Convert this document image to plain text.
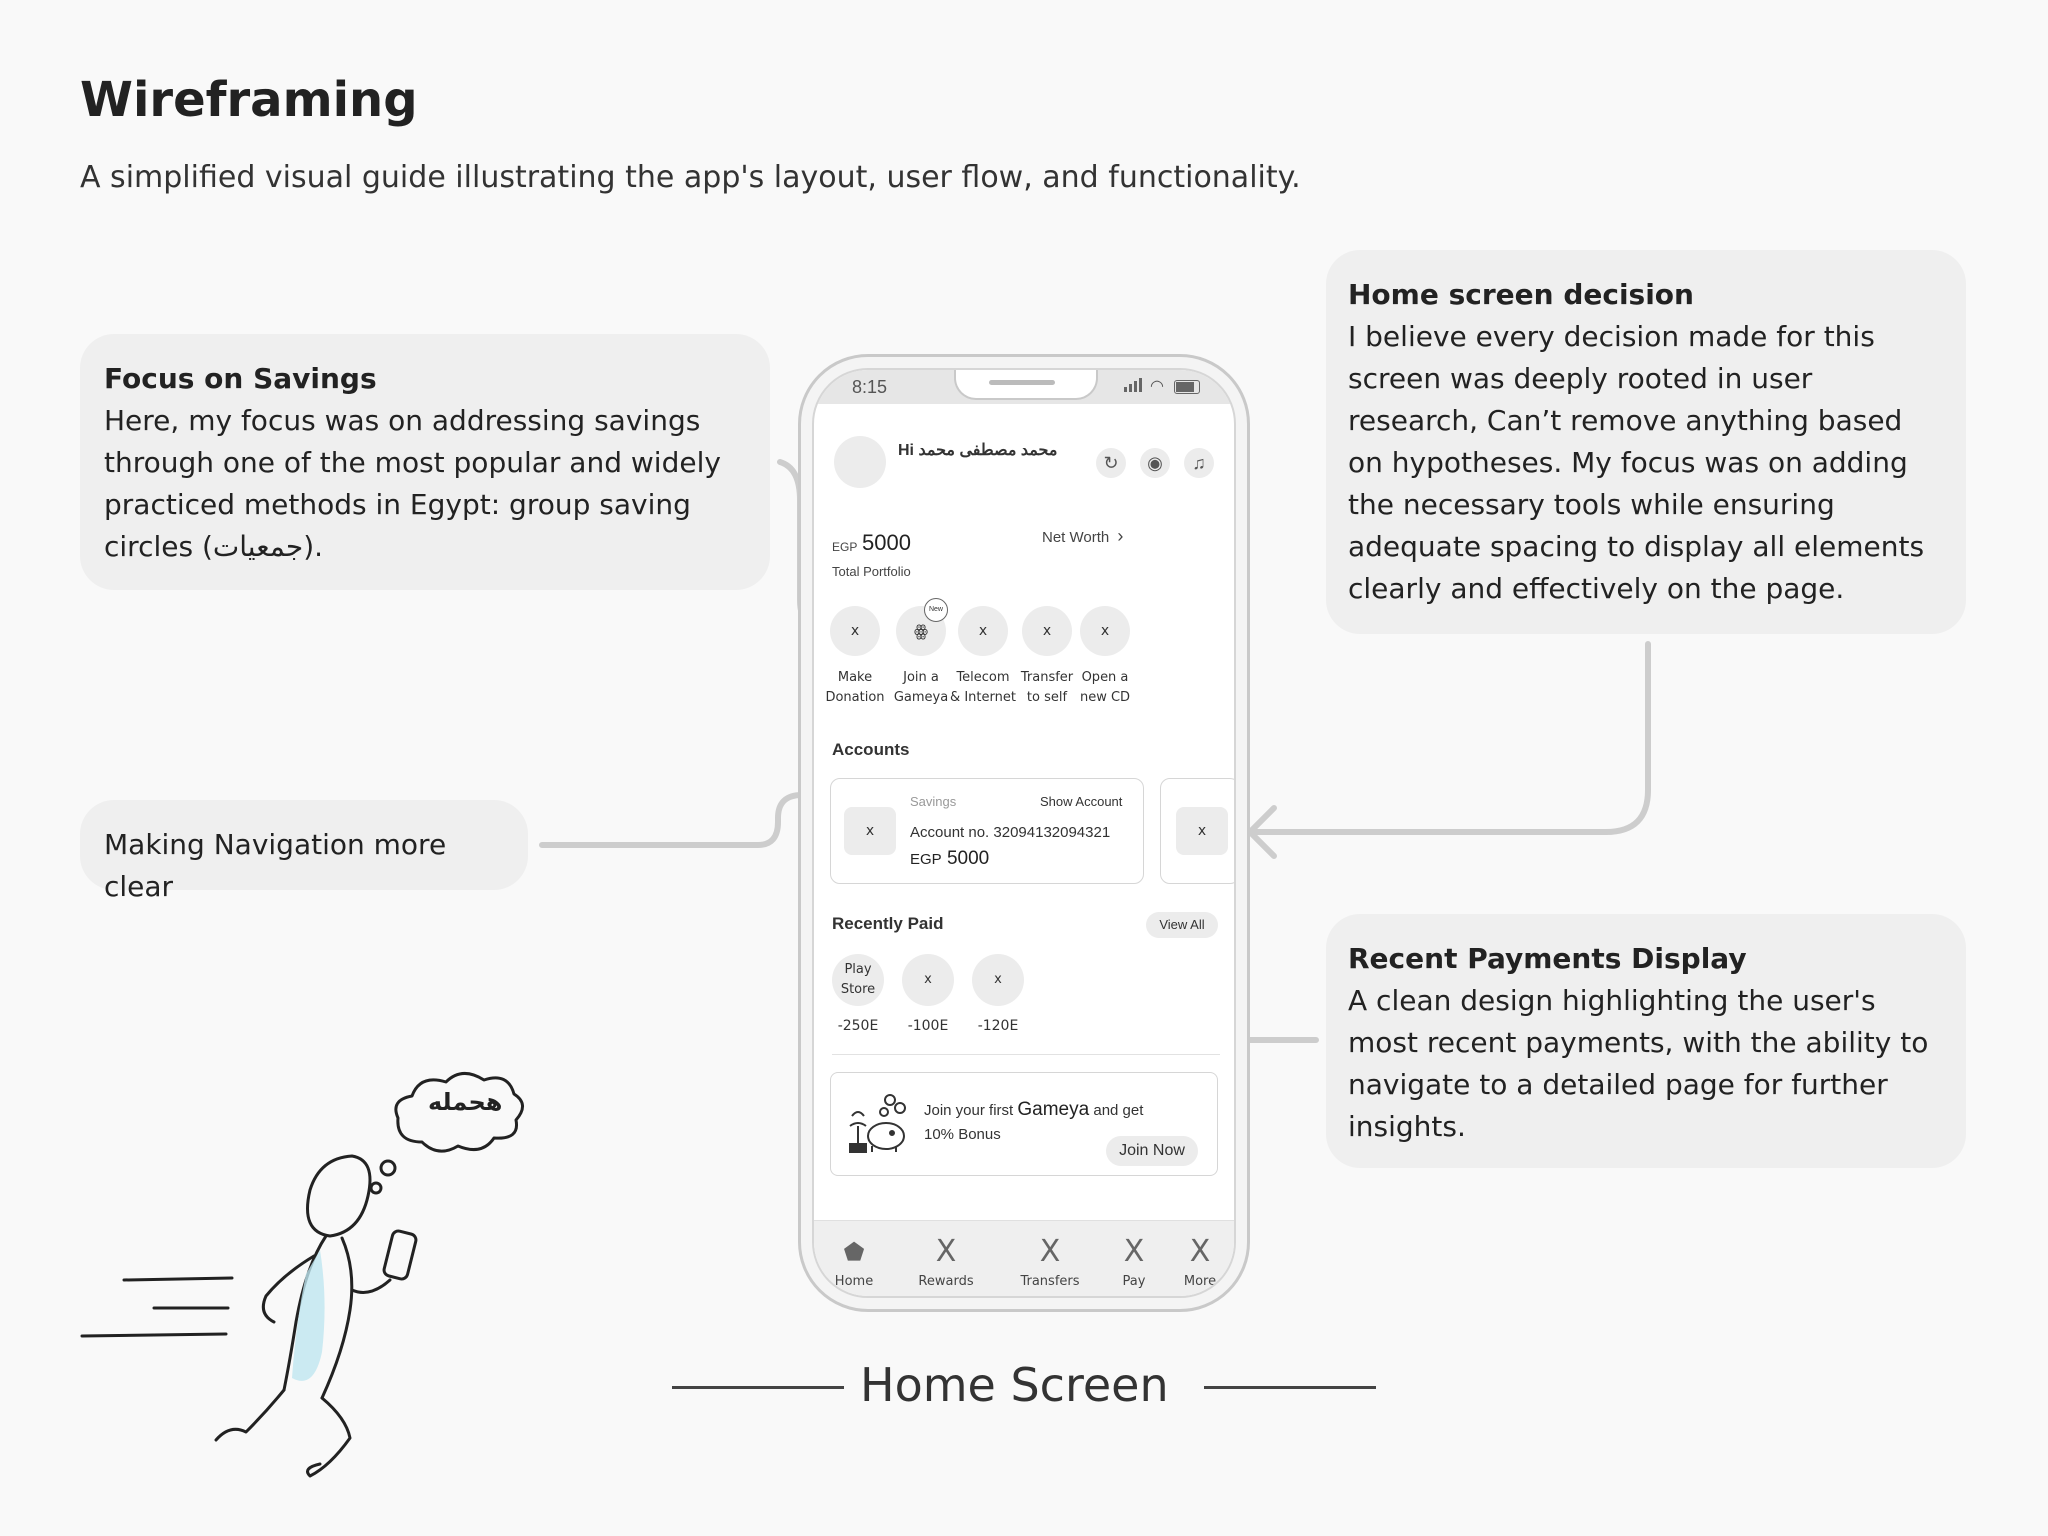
Wireframing
A simplified visual guide illustrating the app's layout, user flow, and functionality.
Focus on Savings
Here, my focus was on addressing savings through one of the most popular and widely practiced methods in Egypt: group saving circles (جمعيات).
Home screen decision
I believe every decision made for this screen was deeply rooted in user research, Can’t remove anything based on hypotheses. My focus was on adding the necessary tools while ensuring adequate spacing to display all elements clearly and effectively on the page.
Recent Payments Display
A clean design highlighting the user's most recent payments, with the ability to navigate to a detailed page for further insights.
Making Navigation more clear
8:15	◠
Hi محمد مصطفى محمد
↻	◉	♫
EGP 5000
Total Portfolio
Net Worth ›
x	ꙮ
New
x	x	x
Make
Donation
Join a
Gameya
Telecom
& Internet
Transfer
to self
Open a
new CD
Accounts
x
Savings	Show Account
Account no. 32094132094321
EGP 5000
x
Recently Paid	View All
Play
Store
x	x
-250E	-100E	-120E
Join your first Gameya and get
10% Bonus
Join Now
⬟
Home
Ⅹ
Rewards
Ⅹ
Transfers
Ⅹ
Pay
Ⅹ
More
Home Screen
هحمله
